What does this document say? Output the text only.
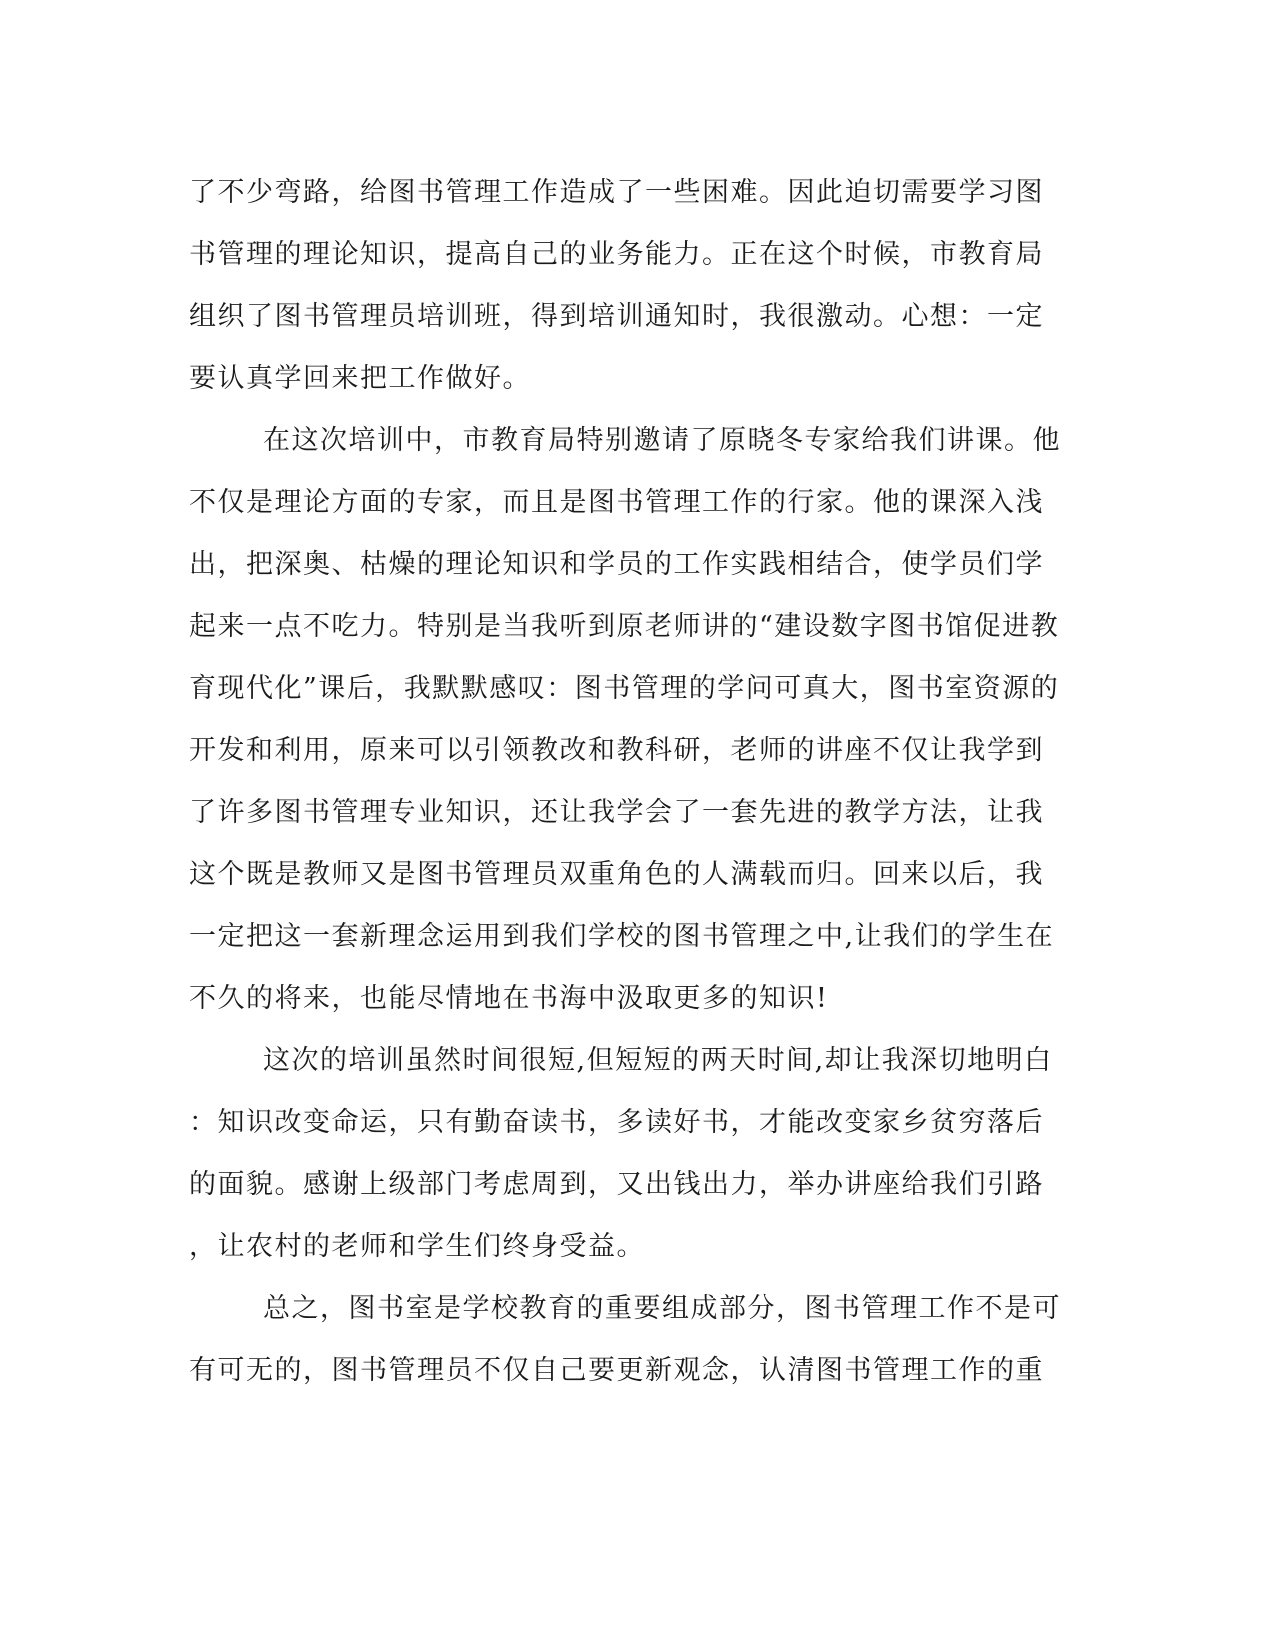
了不少弯路，给图书管理工作造成了一些困难。因此迫切需要学习图
书管理的理论知识，提高自己的业务能力。正在这个时候，市教育局
组织了图书管理员培训班，得到培训通知时，我很激动。心想：一定
要认真学回来把工作做好。
在这次培训中，市教育局特别邀请了原晓冬专家给我们讲课。他
不仅是理论方面的专家，而且是图书管理工作的行家。他的课深入浅
出，把深奥、枯燥的理论知识和学员的工作实践相结合，使学员们学
起来一点不吃力。特别是当我听到原老师讲的“建设数字图书馆促进教
育现代化”课后，我默默感叹：图书管理的学问可真大，图书室资源的
开发和利用，原来可以引领教改和教科研，老师的讲座不仅让我学到
了许多图书管理专业知识，还让我学会了一套先进的教学方法，让我
这个既是教师又是图书管理员双重角色的人满载而归。回来以后，我
一定把这一套新理念运用到我们学校的图书管理之中,让我们的学生在
不久的将来，也能尽情地在书海中汲取更多的知识!
这次的培训虽然时间很短,但短短的两天时间,却让我深切地明白
：知识改变命运，只有勤奋读书，多读好书，才能改变家乡贫穷落后
的面貌。感谢上级部门考虑周到，又出钱出力，举办讲座给我们引路
，让农村的老师和学生们终身受益。
总之，图书室是学校教育的重要组成部分，图书管理工作不是可
有可无的，图书管理员不仅自己要更新观念，认清图书管理工作的重
